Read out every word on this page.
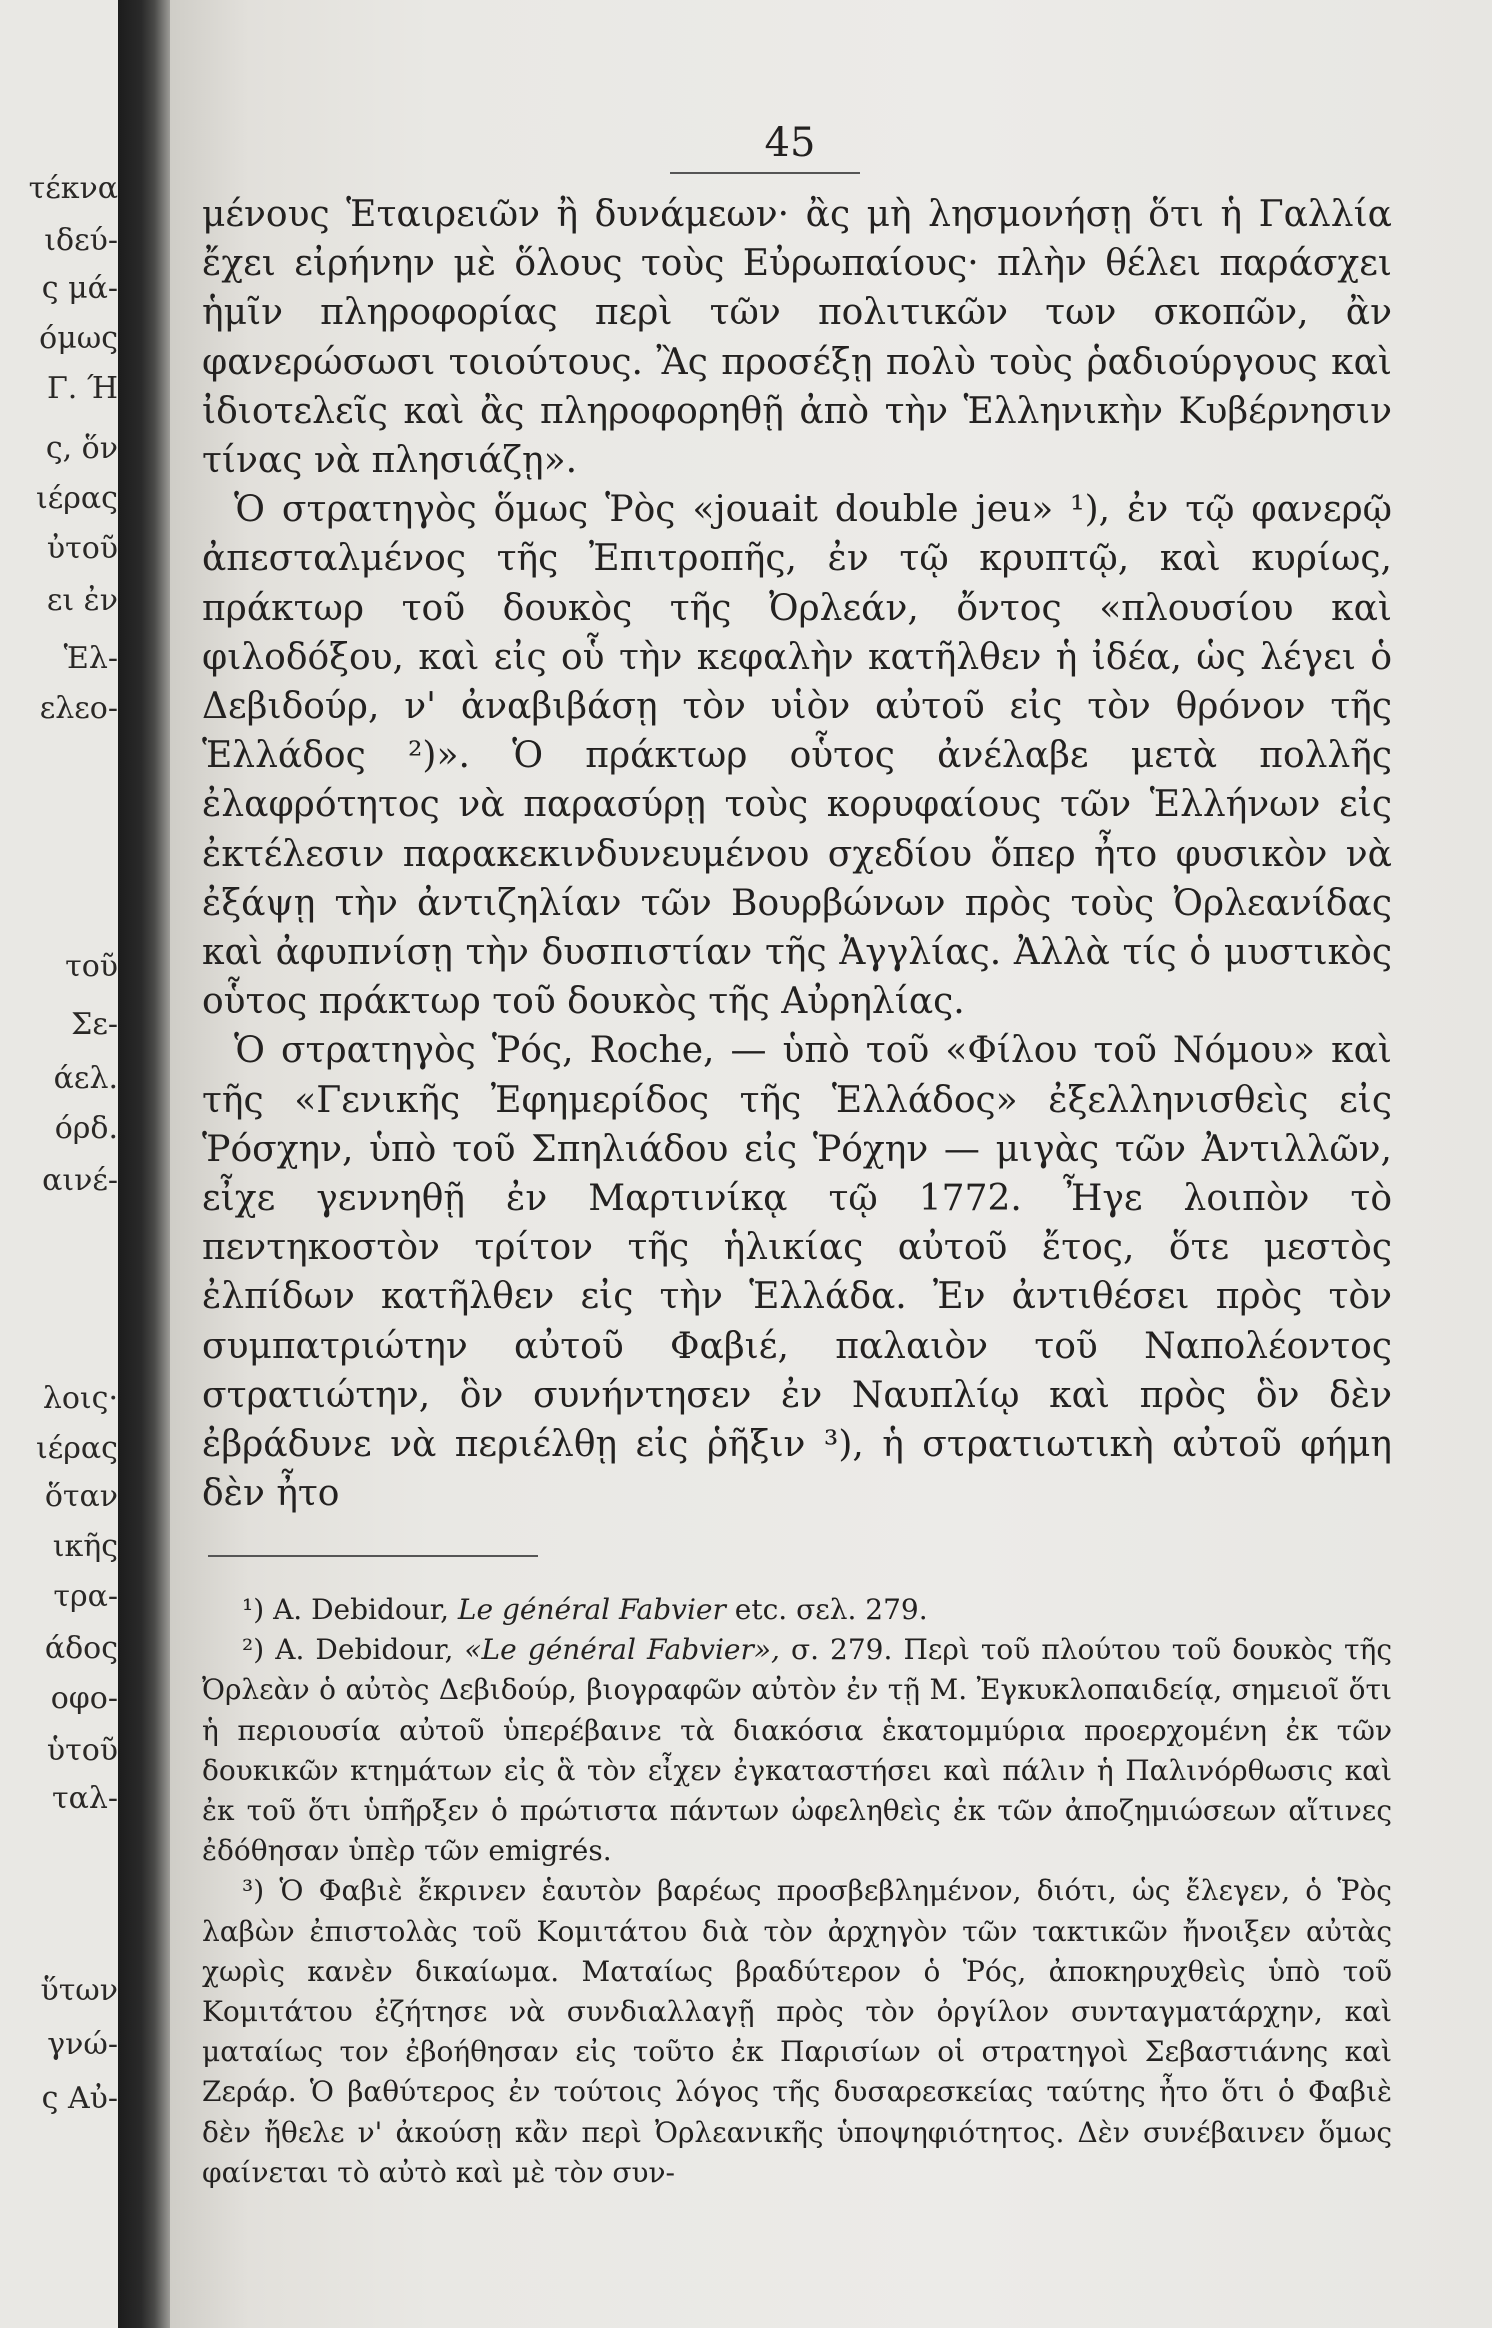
τέκνα
ιδεύ-
ς μά-
όμως
Γ. Ή
ς, ὅν
ιέρας
ὐτοῦ
ει ἐν
Ἑλ-
ελεο-
τοῦ
Σε-
άελ.
όρδ.
αινέ-
λοις·
ιέρας
ὅταν
ικῆς
τρα-
άδος
οφο-
ὑτοῦ
ταλ-
ὕτων
γνώ-
ς Αὐ-
45

μένους Ἑταιρειῶν ἢ δυνάμεων· ἂς μὴ λησμονήσῃ ὅτι ἡ Γαλλία ἔχει εἰρήνην μὲ ὅλους τοὺς Εὐρωπαίους· πλὴν θέλει παράσχει ἡμῖν πληροφορίας περὶ τῶν πολιτικῶν των σκοπῶν, ἂν φανερώσωσι τοιούτους. Ἂς προσέξῃ πολὺ τοὺς ῥαδιούργους καὶ ἰδιοτελεῖς καὶ ἂς πληροφορηθῇ ἀπὸ τὴν Ἑλληνικὴν Κυβέρνησιν τίνας νὰ πλησιάζῃ».

Ὁ στρατηγὸς ὅμως Ῥὸς «jouait double jeu» ¹), ἐν τῷ φανερῷ ἀπεσταλμένος τῆς Ἐπιτροπῆς, ἐν τῷ κρυπτῷ, καὶ κυρίως, πράκτωρ τοῦ δουκὸς τῆς Ὀρλεάν, ὄντος «πλουσίου καὶ φιλοδόξου, καὶ εἰς οὗ τὴν κεφαλὴν κατῆλθεν ἡ ἰδέα, ὡς λέγει ὁ Δεβιδούρ, ν' ἀναβιβάσῃ τὸν υἱὸν αὐτοῦ εἰς τὸν θρόνον τῆς Ἑλλάδος ²)». Ὁ πράκτωρ οὗτος ἀνέλαβε μετὰ πολλῆς ἐλαφρότητος νὰ παρασύρῃ τοὺς κορυφαίους τῶν Ἑλλήνων εἰς ἐκτέλεσιν παρακεκινδυνευμένου σχεδίου ὅπερ ἦτο φυσικὸν νὰ ἐξάψῃ τὴν ἀντιζηλίαν τῶν Βουρβώνων πρὸς τοὺς Ὀρλεανίδας καὶ ἀφυπνίσῃ τὴν δυσπιστίαν τῆς Ἀγγλίας. Ἀλλὰ τίς ὁ μυστικὸς οὗτος πράκτωρ τοῦ δουκὸς τῆς Αὐρηλίας.

Ὁ στρατηγὸς Ῥός, Roche, — ὑπὸ τοῦ «Φίλου τοῦ Νόμου» καὶ τῆς «Γενικῆς Ἐφημερίδος τῆς Ἑλλάδος» ἐξελληνισθεὶς εἰς Ῥόσχην, ὑπὸ τοῦ Σπηλιάδου εἰς Ῥόχην — μιγὰς τῶν Ἀντιλλῶν, εἶχε γεννηθῇ ἐν Μαρτινίκᾳ τῷ 1772. Ἦγε λοιπὸν τὸ πεντηκοστὸν τρίτον τῆς ἡλικίας αὐτοῦ ἔτος, ὅτε μεστὸς ἐλπίδων κατῆλθεν εἰς τὴν Ἑλλάδα. Ἐν ἀντιθέσει πρὸς τὸν συμπατριώτην αὐτοῦ Φαβιέ, παλαιὸν τοῦ Ναπολέοντος στρατιώτην, ὃν συνήντησεν ἐν Ναυπλίῳ καὶ πρὸς ὃν δὲν ἐβράδυνε νὰ περιέλθῃ εἰς ῥῆξιν ³), ἡ στρατιωτικὴ αὐτοῦ φήμη δὲν ἦτο

¹) A. Debidour, Le général Fabvier etc. σελ. 279.

²) A. Debidour, «Le général Fabvier», σ. 279. Περὶ τοῦ πλούτου τοῦ δουκὸς τῆς Ὀρλεὰν ὁ αὐτὸς Δεβιδούρ, βιογραφῶν αὐτὸν ἐν τῇ Μ. Ἐγκυκλοπαιδείᾳ, σημειοῖ ὅτι ἡ περιουσία αὐτοῦ ὑπερέβαινε τὰ διακόσια ἑκατομμύρια προερχομένη ἐκ τῶν δουκικῶν κτημάτων εἰς ἃ τὸν εἶχεν ἐγκαταστήσει καὶ πάλιν ἡ Παλινόρθωσις καὶ ἐκ τοῦ ὅτι ὑπῆρξεν ὁ πρώτιστα πάντων ὠφεληθεὶς ἐκ τῶν ἀποζημιώσεων αἵτινες ἐδόθησαν ὑπὲρ τῶν emigrés.

³) Ὁ Φαβιὲ ἔκρινεν ἑαυτὸν βαρέως προσβεβλημένον, διότι, ὡς ἔλεγεν, ὁ Ῥὸς λαβὼν ἐπιστολὰς τοῦ Κομιτάτου διὰ τὸν ἀρχηγὸν τῶν τακτικῶν ἤνοιξεν αὐτὰς χωρὶς κανὲν δικαίωμα. Ματαίως βραδύτερον ὁ Ῥός, ἀποκηρυχθεὶς ὑπὸ τοῦ Κομιτάτου ἐζήτησε νὰ συνδιαλλαγῇ πρὸς τὸν ὀργίλον συνταγματάρχην, καὶ ματαίως τον ἐβοήθησαν εἰς τοῦτο ἐκ Παρισίων οἱ στρατηγοὶ Σεβαστιάνης καὶ Ζεράρ. Ὁ βαθύτερος ἐν τούτοις λόγος τῆς δυσαρεσκείας ταύτης ἦτο ὅτι ὁ Φαβιὲ δὲν ἤθελε ν' ἀκούσῃ κἂν περὶ Ὀρλεανικῆς ὑποψηφιότητος. Δὲν συνέβαινεν ὅμως φαίνεται τὸ αὐτὸ καὶ μὲ τὸν συν-
